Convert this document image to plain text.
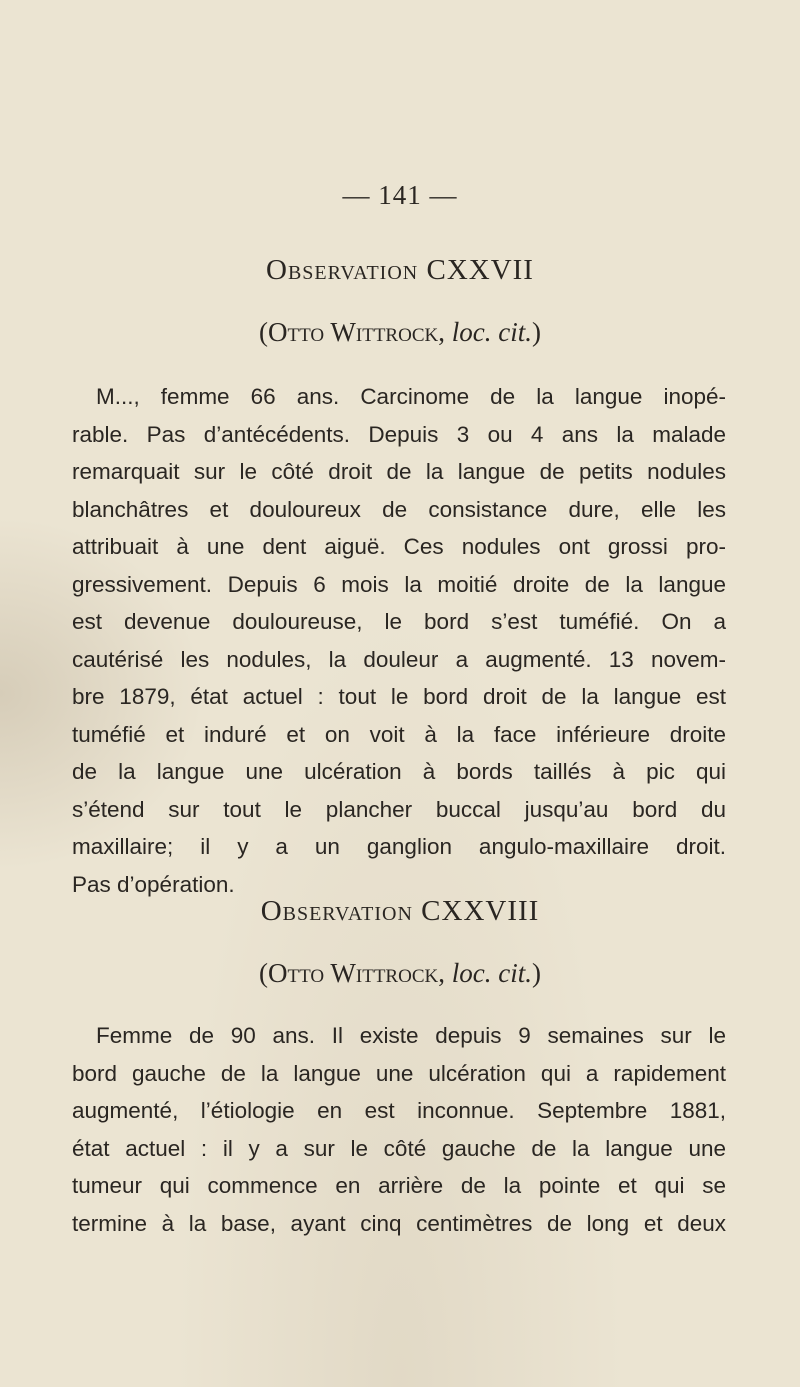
— 141 —
Observation CXXVII
(Otto Wittrock, loc. cit.)
M..., femme 66 ans. Carcinome de la langue inopé-
rable. Pas d’antécédents. Depuis 3 ou 4 ans la malade
remarquait sur le côté droit de la langue de petits nodules
blanchâtres et douloureux de consistance dure, elle les
attribuait à une dent aiguë. Ces nodules ont grossi pro-
gressivement. Depuis 6 mois la moitié droite de la langue
est devenue douloureuse, le bord s’est tuméfié. On a
cautérisé les nodules, la douleur a augmenté. 13 novem-
bre 1879, état actuel : tout le bord droit de la langue est
tuméfié et induré et on voit à la face inférieure droite
de la langue une ulcération à bords taillés à pic qui
s’étend sur tout le plancher buccal jusqu’au bord du
maxillaire; il y a un ganglion angulo-maxillaire droit.
Pas d’opération.
Observation CXXVIII
(Otto Wittrock, loc. cit.)
Femme de 90 ans. Il existe depuis 9 semaines sur le
bord gauche de la langue une ulcération qui a rapidement
augmenté, l’étiologie en est inconnue. Septembre 1881,
état actuel : il y a sur le côté gauche de la langue une
tumeur qui commence en arrière de la pointe et qui se
termine à la base, ayant cinq centimètres de long et deux
